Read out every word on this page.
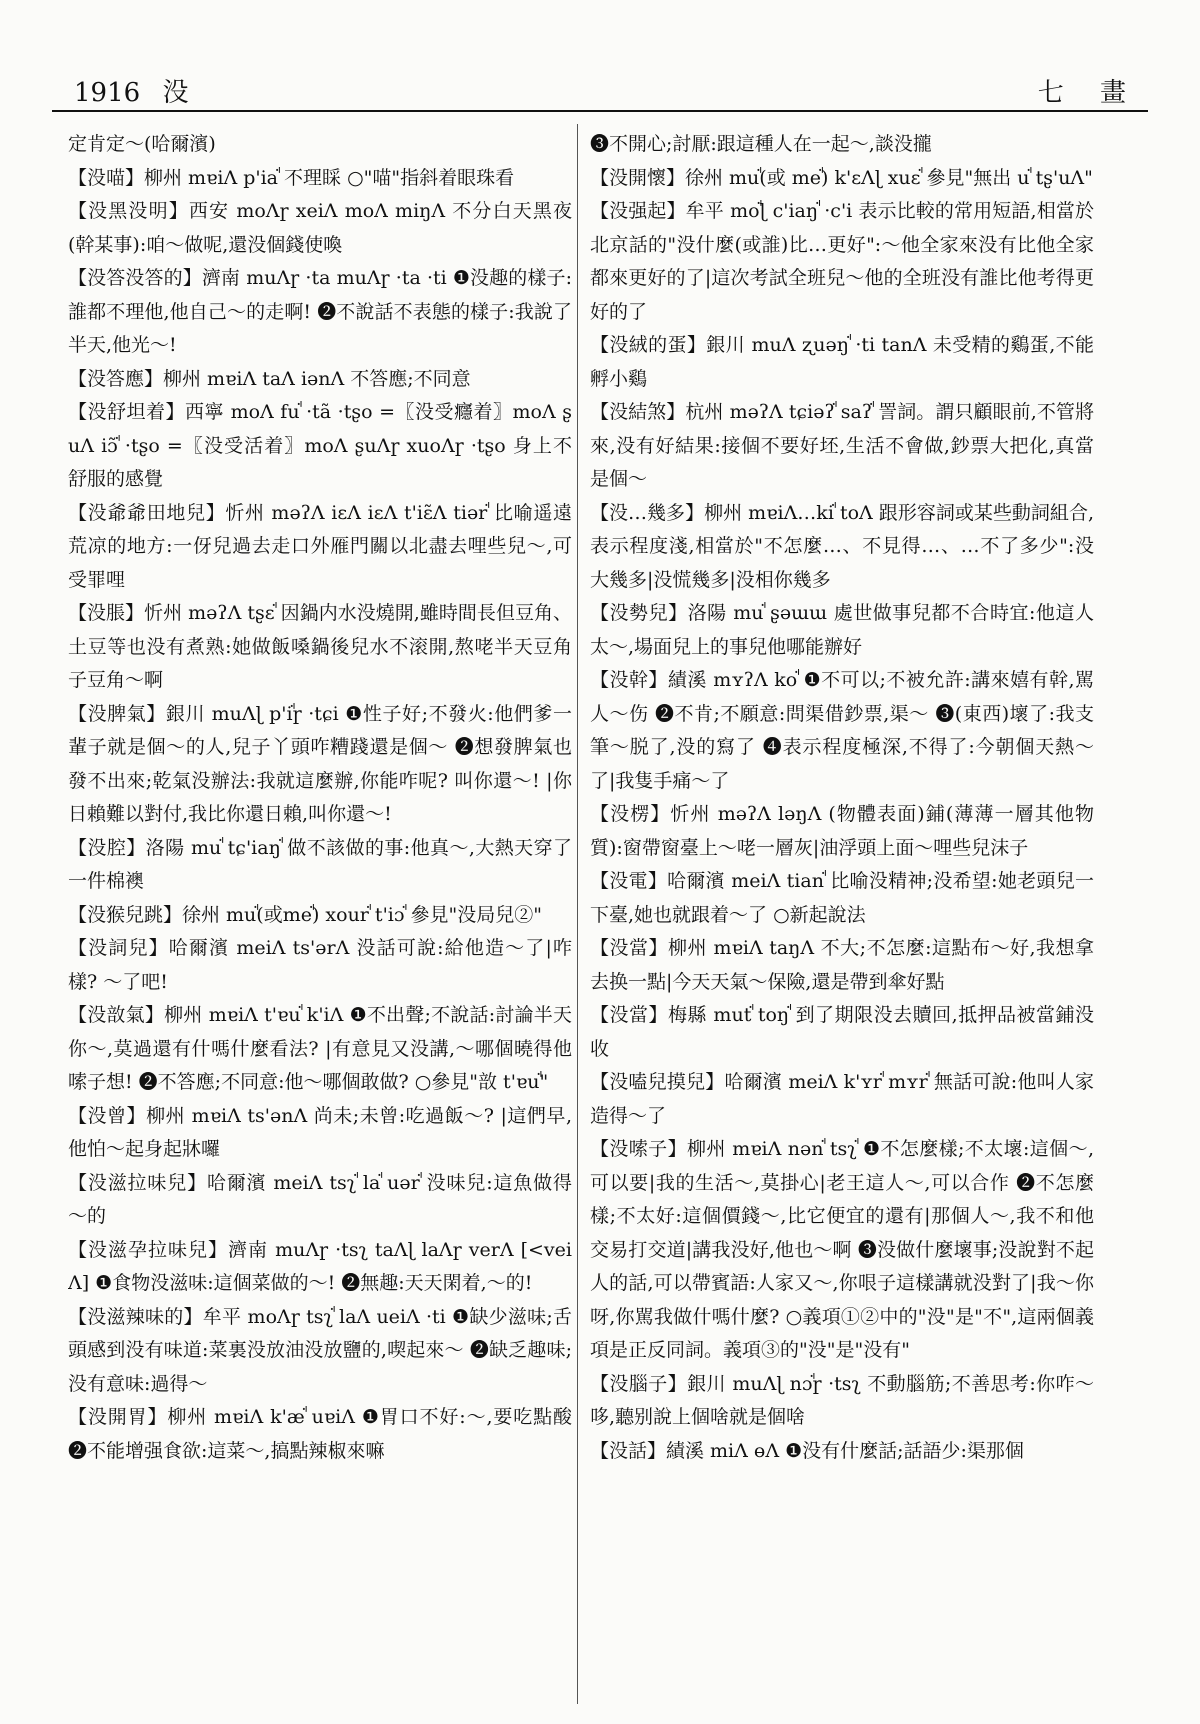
1916 没	七 畫

定肯定～(哈爾濱)

【没喵】柳州 mɐiɅ p'iaꜗ 不理睬 ○"喵"指斜着眼珠看

【没黑没明】西安 moɅɼ xeiɅ moɅ miŋɅ 不分白天黑夜(幹某事):咱～做呢,還没個錢使喚

【没答没答的】濟南 muɅɼ ·ta muɅɼ ·ta ·ti ❶没趣的樣子:誰都不理他,他自己～的走啊! ❷不說話不表態的樣子:我說了半天,他光～!

【没答應】柳州 mɐiɅ taɅ iənɅ 不答應;不同意

【没舒坦着】西寧 moɅ fuꜗ ·tã ·tʂo =〖没受癮着〗moɅ ʂuɅ iɔ̃ꜗ ·tʂo =〖没受活着〗moɅ ʂuɅɼ xuoɅɼ ·tʂo 身上不舒服的感覺

【没爺爺田地兒】忻州 məʔɅ iɛɅ iɛɅ t'iɛ̃Ʌ tiərꜗ 比喻遥遠荒凉的地方:一伢兒過去走口外雁門關以北盡去哩些兒～,可受罪哩

【没脹】忻州 məʔɅ tʂɛꜗ 因鍋内水没燒開,雖時間長但豆角、土豆等也没有煮熟:她做飯嗓鍋後兒水不滚開,熬咾半天豆角子豆角～啊

【没脾氣】銀川 muɅɭ p'iꜗɼ ·tɕi ❶性子好;不發火:他們爹一輩子就是個～的人,兒子丫頭咋糟踐還是個～ ❷想發脾氣也發不出來;乾氣没辦法:我就這麼辦,你能咋呢? 叫你還～! |你日賴難以對付,我比你還日賴,叫你還～!

【没腔】洛陽 muꜗ tɕ'iaŋꜗ 做不該做的事:他真～,大熱天穿了一件棉襖

【没猴兒跳】徐州 muꜗ(或meꜗ) xourꜗ t'iɔꜗ 參見"没局兒②"

【没詞兒】哈爾濱 meiɅ ts'ərɅ 没話可說:給他造～了|咋樣? ～了吧!

【没敨氣】柳州 mɐiɅ t'ɐuꜗ k'iɅ ❶不出聲;不說話:討論半天你～,莫過還有什嗎什麼看法? |有意見又没講,～哪個曉得他嗦子想! ❷不答應;不同意:他～哪個敢做? ○參見"敨 t'ɐuꜗ"

【没曾】柳州 mɐiɅ ts'ənɅ 尚未;未曾:吃過飯～? |這們早,他怕～起身起牀囉

【没滋拉味兒】哈爾濱 meiɅ tsʅꜗ laꜗ uərꜗ 没味兒:這魚做得～的

【没滋孕拉味兒】濟南 muɅɼ ·tsʅ taɅɭ laɅɼ verɅ [<veiɅ] ❶食物没滋味:這個菜做的～! ❷無趣:天天閑着,～的!

【没滋辣味的】牟平 moɅɼ tsʅꜗ laɅ ueiɅ ·ti ❶缺少滋味;舌頭感到没有味道:菜裏没放油没放鹽的,喫起來～ ❷缺乏趣味;没有意味:過得～

【没開胃】柳州 mɐiɅ k'æꜗ uɐiɅ ❶胃口不好:～,要吃點酸 ❷不能增强食欲:這菜～,搞點辣椒來嘛

❸不開心;討厭:跟這種人在一起～,談没攏

【没開懷】徐州 muꜗ(或 meꜗ) k'ɛɅɭ xuɛꜗ 參見"無出 uꜗ tʂ'uɅ"

【没强起】牟平 moꜗɭ c'iaŋꜗ ·c'i 表示比較的常用短語,相當於北京話的"没什麼(或誰)比…更好":～他全家來没有比他全家都來更好的了|這次考試全班兒～他的全班没有誰比他考得更好的了

【没絨的蛋】銀川 muɅ ʐuəŋꜗ ·ti tanɅ 未受精的鷄蛋,不能孵小鷄

【没結煞】杭州 məʔɅ tɕiəʔꜗ saʔꜗ 詈詞。謂只顧眼前,不管將來,没有好結果:接個不要好坯,生活不會做,鈔票大把化,真當是個～

【没…幾多】柳州 mɐiɅ…kiꜗ toɅ 跟形容詞或某些動詞組合,表示程度淺,相當於"不怎麼…、不見得…、…不了多少":没大幾多|没慌幾多|没相你幾多

【没勢兒】洛陽 muꜗ ʂəɯɯ 處世做事兒都不合時宜:他這人太～,場面兒上的事兒他哪能辦好

【没幹】績溪 mʏʔɅ koꜗ ❶不可以;不被允許:講來嬉有幹,駡人～伤 ❷不肯;不願意:問渠借鈔票,渠～ ❸(東西)壞了:我支筆～脱了,没的寫了 ❹表示程度極深,不得了:今朝個天熱～了|我隻手痛～了

【没楞】忻州 məʔɅ ləŋɅ (物體表面)鋪(薄薄一層其他物質):窗帶窗臺上～咾一層灰|油浮頭上面～哩些兒沫子

【没電】哈爾濱 meiɅ tianꜗ 比喻没精神;没希望:她老頭兒一下臺,她也就跟着～了 ○新起說法

【没當】柳州 mɐiɅ taŋɅ 不大;不怎麼:這點布～好,我想拿去换一點|今天天氣～保險,還是帶到傘好點

【没當】梅縣 mutꜗ toŋꜗ 到了期限没去贖回,抵押品被當鋪没收

【没嗑兒摸兒】哈爾濱 meiɅ k'ʏrꜗ mʏrꜗ 無話可說:他叫人家造得～了

【没嗦子】柳州 mɐiɅ nənꜗ tsʅꜗ ❶不怎麼樣;不太壞:這個～,可以要|我的生活～,莫掛心|老王這人～,可以合作 ❷不怎麼樣;不太好:這個價錢～,比它便宜的還有|那個人～,我不和他交易打交道|講我没好,他也～啊 ❸没做什麼壞事;没說對不起人的話,可以帶賓語:人家又～,你哏子這樣講就没對了|我～你呀,你駡我做什嗎什麼? ○義項①②中的"没"是"不",這兩個義項是正反同詞。義項③的"没"是"没有"

【没腦子】銀川 muɅɭ nɔꜗɼ ·tsʅ 不動腦筋;不善思考:你咋～哆,聽别說上個啥就是個啥

【没話】績溪 miɅ ɵɅ ❶没有什麼話;話語少:渠那個
